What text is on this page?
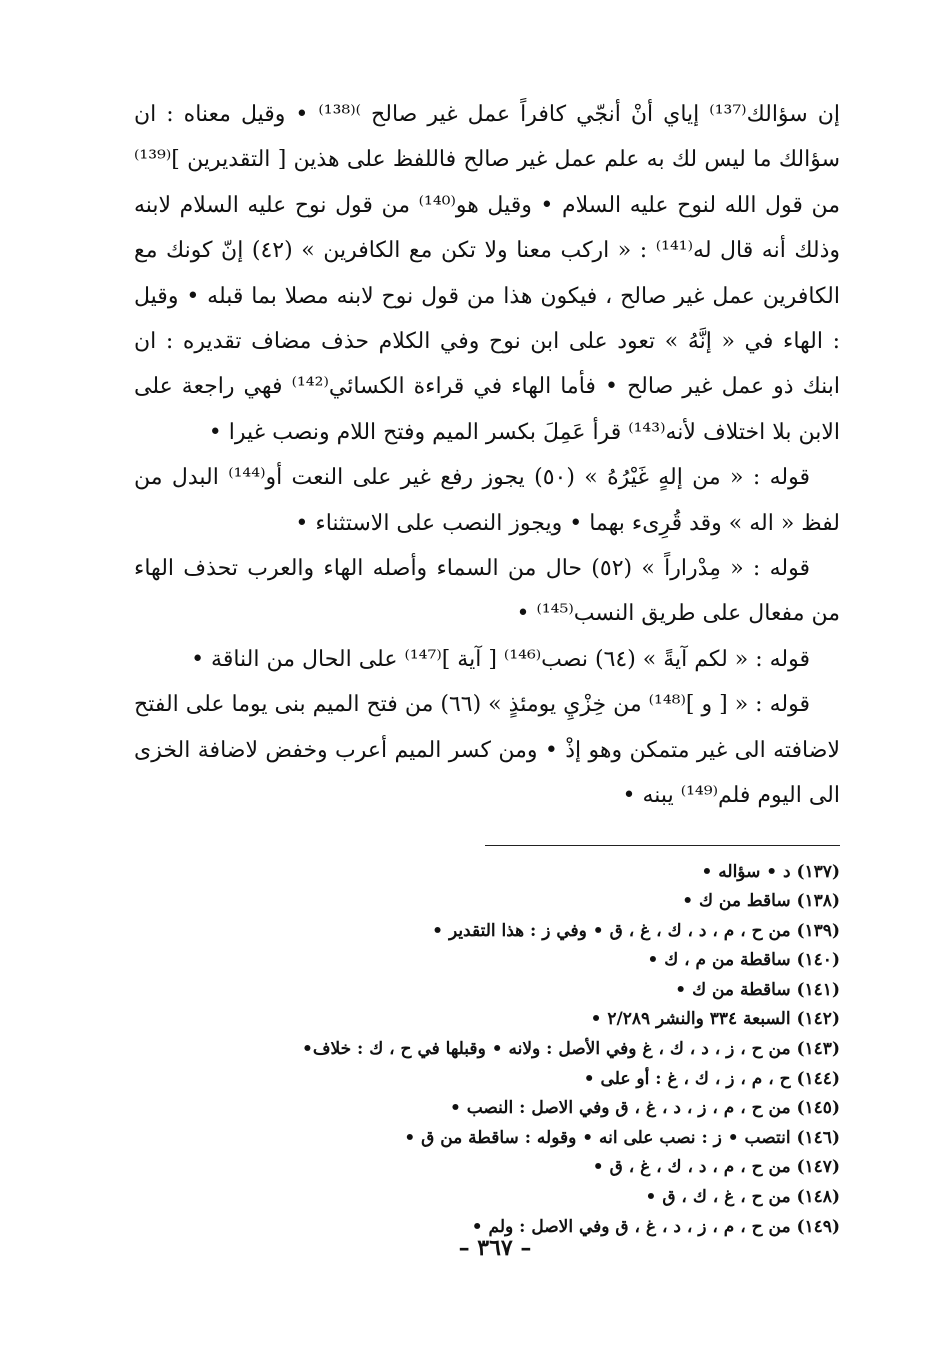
إن سؤالك⁽¹³⁷⁾ إياي أنْ أنجّي كافراً عمل غير صالح ⁾⁽¹³⁸⁾ • وقيل معناه : ان سؤالك ما ليس لك به علم عمل غير صالح فاللفظ على هذين [ التقديرين ]⁽¹³⁹⁾ من قول الله لنوح عليه السلام • وقيل هو⁽¹⁴⁰⁾ من قول نوح عليه السلام لابنه وذلك أنه قال له⁽¹⁴¹⁾ : « اركب معنا ولا تكن مع الكافرين » (٤٢) إنّ كونك مع الكافرين عمل غير صالح ، فيكون هذا من قول نوح لابنه مصلا بما قبله • وقيل : الهاء في « إنَّهُ » تعود على ابن نوح وفي الكلام حذف مضاف تقديره : ان ابنك ذو عمل غير صالح • فأما الهاء في قراءة الكسائي⁽¹⁴²⁾ فهي راجعة على الابن بلا اختلاف لأنه⁽¹⁴³⁾ قرأ عَمِلَ بكسر الميم وفتح اللام ونصب غيرا •

قوله : « من إلهٍ غَيْرُهُ » (٥٠) يجوز رفع غير على النعت أو⁽¹⁴⁴⁾ البدل من لفظ « اله » وقد قُرِىء بهما • ويجوز النصب على الاستثناء •

قوله : « مِدْراراً » (٥٢) حال من السماء وأصله الهاء والعرب تحذف الهاء من مفعال على طريق النسب⁽¹⁴⁵⁾ •

قوله : « لكم آيةً » (٦٤) نصب⁽¹⁴⁶⁾ [ آية ]⁽¹⁴⁷⁾ على الحال من الناقة •

قوله : « [ و ]⁽¹⁴⁸⁾ من خِزْيِ يومئذٍ » (٦٦) من فتح الميم بنى يوما على الفتح لاضافته الى غير متمكن وهو إذْ • ومن كسر الميم أعرب وخفض لاضافة الخزى الى اليوم فلم⁽¹⁴⁹⁾ يبنه •

(١٣٧) د • سؤاله •
(١٣٨) ساقط من ك •
(١٣٩) من ح ، م ، د ، ك ، غ ، ق • وفي ز : هذا التقدير •
(١٤٠) ساقطة من م ، ك •
(١٤١) ساقطة من ك •
(١٤٢) السبعة ٣٣٤ والنشر ٢/٢٨٩ •
(١٤٣) من ح ، ز ، د ، ك ، غ وفي الأصل : ولانه • وقبلها في ح ، ك : خلاف•
(١٤٤) ح ، م ، ز ، ك ، غ : أو على •
(١٤٥) من ح ، م ، ز ، د ، غ ، ق وفي الاصل : النصب •
(١٤٦) انتصب • ز : نصب على انه • وقوله : ساقطة من ق •
(١٤٧) من ح ، م ، د ، ك ، غ ، ق •
(١٤٨) من ح ، غ ، ك ، ق •
(١٤٩) من ح ، م ، ز ، د ، غ ، ق وفي الاصل : ولم •
– ٣٦٧ –
